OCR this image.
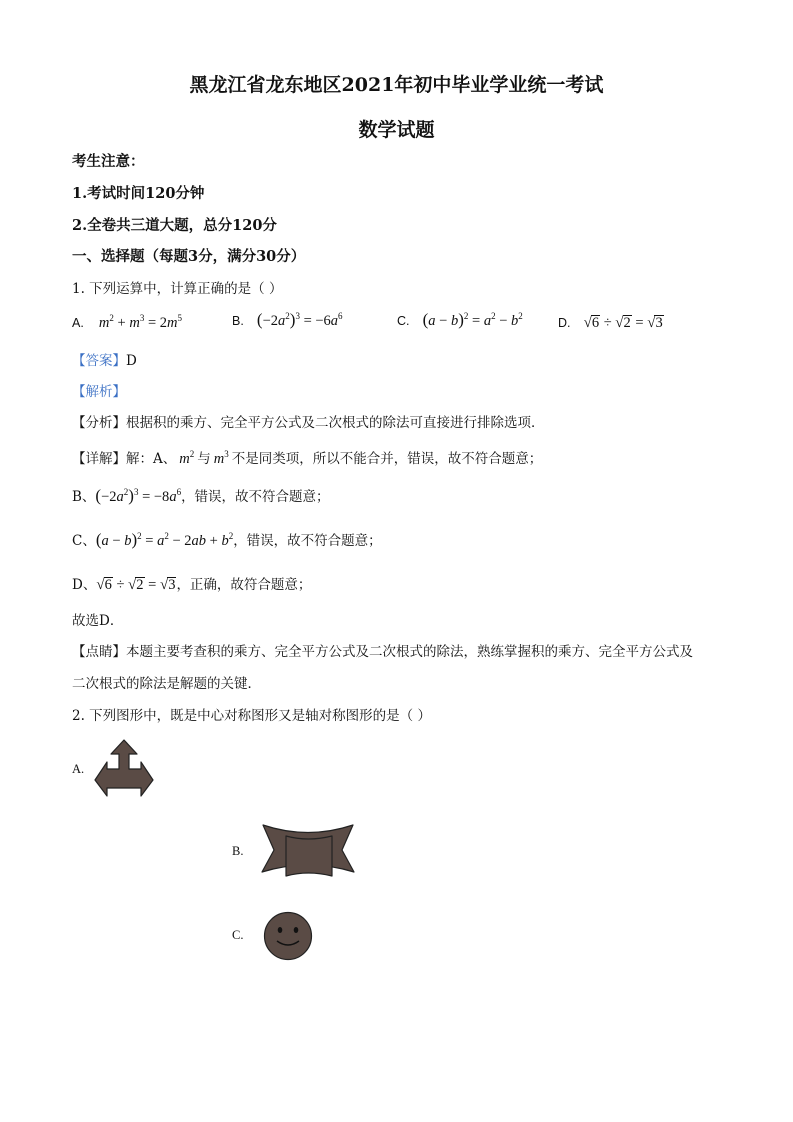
黑龙江省龙东地区2021年初中毕业学业统一考试
数学试题
考生注意：
1.考试时间120分钟
2.全卷共三道大题，总分120分
一、选择题（每题3分，满分30分）
1. 下列运算中，计算正确的是（ ）
A. $m^2 + m^3 = 2m^5$	B. $(-2a^2)^3 = -6a^6$	C. $(a - b)^2 = a^2 - b^2$	D. √6 ÷ √2 = √3
【答案】D
【解析】
【分析】根据积的乘方、完全平方公式及二次根式的除法可直接进行排除选项．
【详解】解：A、 $m^2$ 与 $m^3$ 不是同类项，所以不能合并，错误，故不符合题意；
B、$(-2a^2)^3 = -8a^6$，错误，故不符合题意；
C、$(a - b)^2 = a^2 - 2ab + b^2$，错误，故不符合题意；
D、√6 ÷ √2 = √3，正确，故符合题意；
故选D．
【点睛】本题主要考查积的乘方、完全平方公式及二次根式的除法，熟练掌握积的乘方、完全平方公式及
二次根式的除法是解题的关键．
2. 下列图形中，既是中心对称图形又是轴对称图形的是（ ）
A.
B.
C.
